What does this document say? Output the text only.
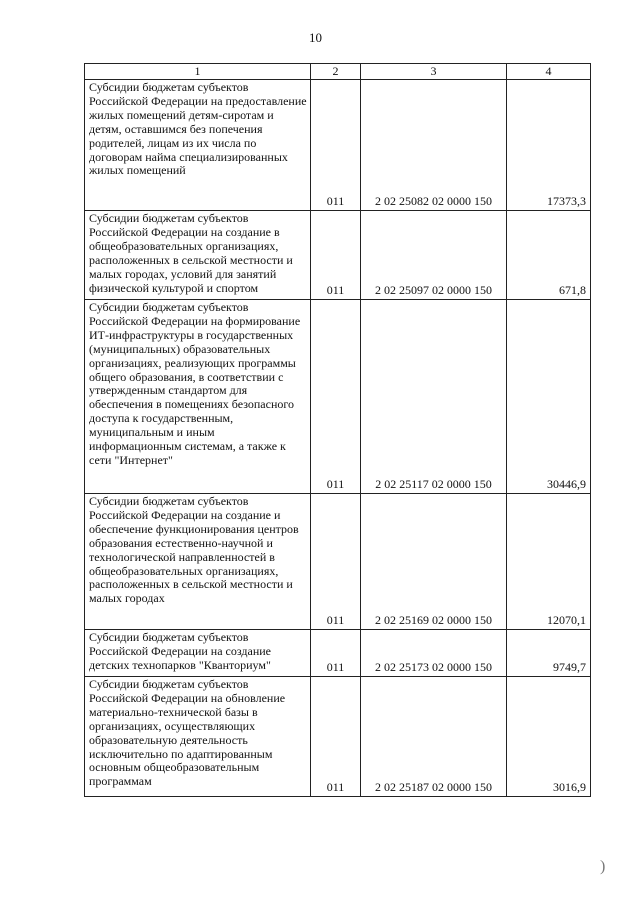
10
1	2	3	4
Субсидии бюджетам субъектов Российской Федерации на предоставление жилых помещений детям-сиротам и детям, оставшимся без попечения родителей, лицам из их числа по договорам найма специализированных жилых помещений	011	2 02 25082 02 0000 150	17373,3
Субсидии бюджетам субъектов Российской Федерации на создание в общеобразовательных организациях, расположенных в сельской местности и малых городах, условий для занятий физической культурой и спортом	011	2 02 25097 02 0000 150	671,8
Субсидии бюджетам субъектов Российской Федерации на формирование ИТ-инфраструктуры в государственных (муниципальных) образовательных организациях, реализующих программы общего образования, в соответствии с утвержденным стандартом для обеспечения в помещениях безопасного доступа к государственным, муниципальным и иным информационным системам, а также к сети "Интернет"	011	2 02 25117 02 0000 150	30446,9
Субсидии бюджетам субъектов Российской Федерации на создание и обеспечение функционирования центров образования естественно-научной и технологической направленностей в общеобразовательных организациях, расположенных в сельской местности и малых городах	011	2 02 25169 02 0000 150	12070,1
Субсидии бюджетам субъектов Российской Федерации на создание детских технопарков "Кванториум"	011	2 02 25173 02 0000 150	9749,7
Субсидии бюджетам субъектов Российской Федерации на обновление материально-технической базы в организациях, осуществляющих образовательную деятельность исключительно по адаптированным основным общеобразовательным программам	011	2 02 25187 02 0000 150	3016,9
)
